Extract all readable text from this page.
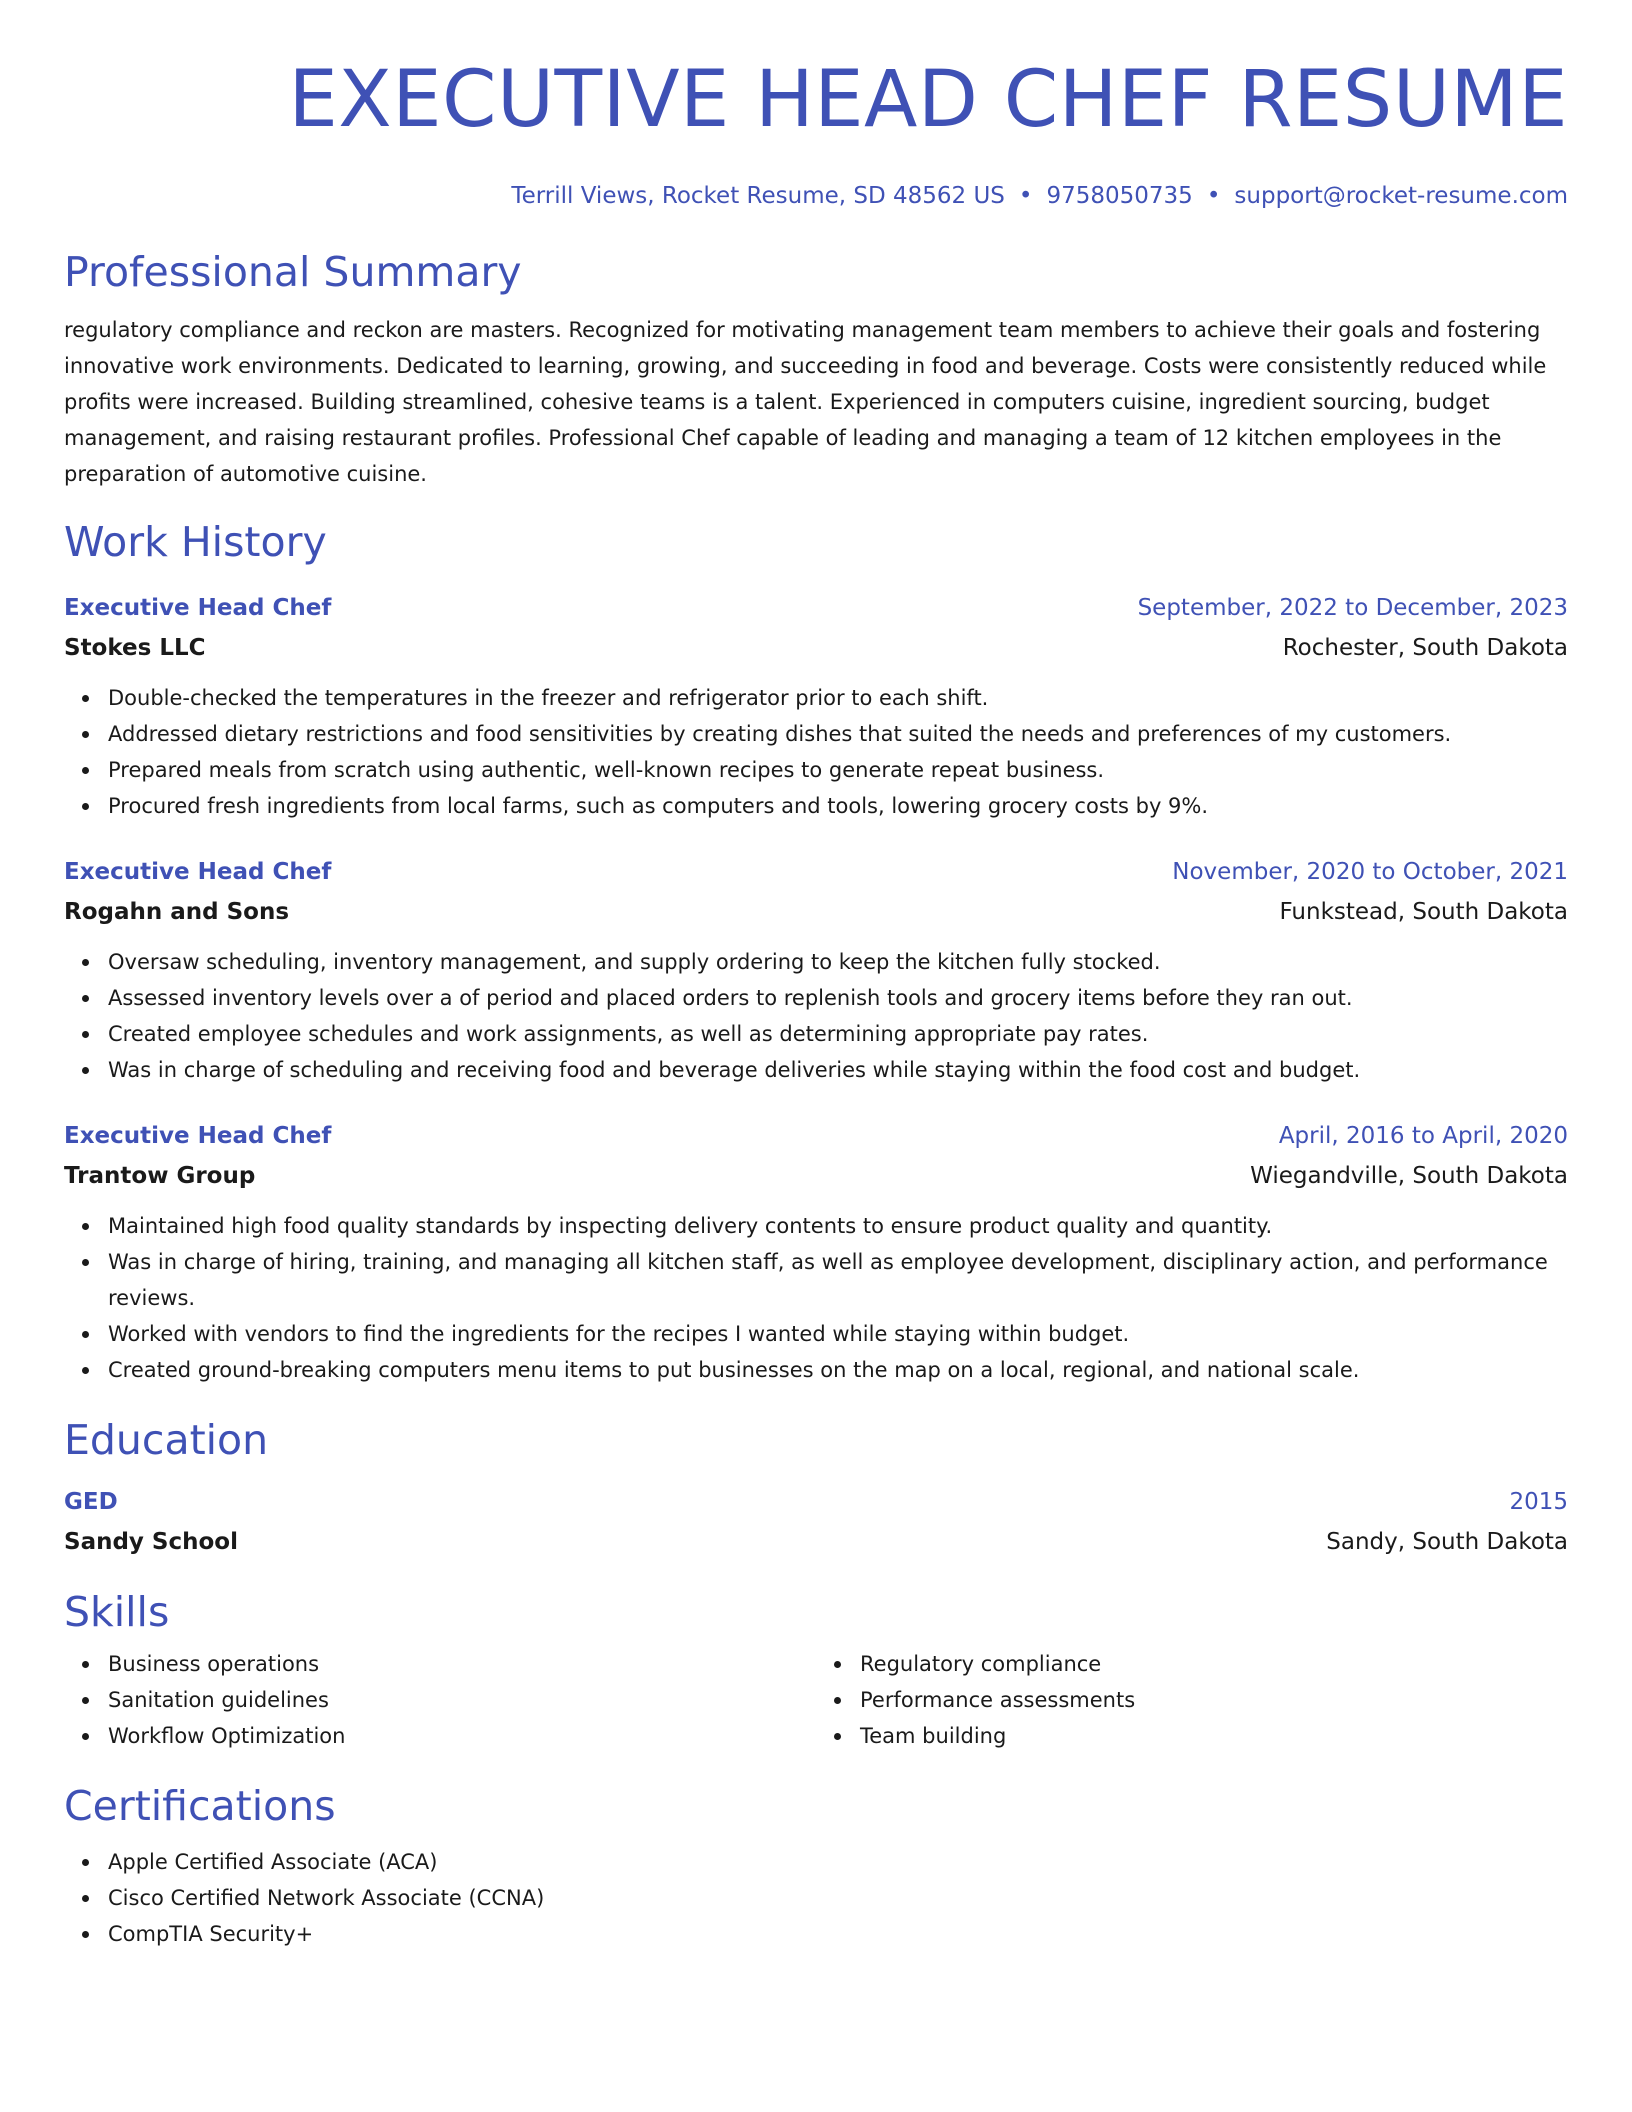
EXECUTIVE HEAD CHEF RESUME
Terrill Views, Rocket Resume, SD 48562 US • 9758050735 • support@rocket-resume.com
Professional Summary
regulatory compliance and reckon are masters. Recognized for motivating management team members to achieve their goals and fostering innovative work environments. Dedicated to learning, growing, and succeeding in food and beverage. Costs were consistently reduced while profits were increased. Building streamlined, cohesive teams is a talent. Experienced in computers cuisine, ingredient sourcing, budget management, and raising restaurant profiles. Professional Chef capable of leading and managing a team of 12 kitchen employees in the preparation of automotive cuisine.
Work History
Executive Head Chef	September, 2022 to December, 2023
Stokes LLC	Rochester, South Dakota
Double-checked the temperatures in the freezer and refrigerator prior to each shift.
Addressed dietary restrictions and food sensitivities by creating dishes that suited the needs and preferences of my customers.
Prepared meals from scratch using authentic, well-known recipes to generate repeat business.
Procured fresh ingredients from local farms, such as computers and tools, lowering grocery costs by 9%.
Executive Head Chef	November, 2020 to October, 2021
Rogahn and Sons	Funkstead, South Dakota
Oversaw scheduling, inventory management, and supply ordering to keep the kitchen fully stocked.
Assessed inventory levels over a of period and placed orders to replenish tools and grocery items before they ran out.
Created employee schedules and work assignments, as well as determining appropriate pay rates.
Was in charge of scheduling and receiving food and beverage deliveries while staying within the food cost and budget.
Executive Head Chef	April, 2016 to April, 2020
Trantow Group	Wiegandville, South Dakota
Maintained high food quality standards by inspecting delivery contents to ensure product quality and quantity.
Was in charge of hiring, training, and managing all kitchen staff, as well as employee development, disciplinary action, and performance reviews.
Worked with vendors to find the ingredients for the recipes I wanted while staying within budget.
Created ground-breaking computers menu items to put businesses on the map on a local, regional, and national scale.
Education
GED	2015
Sandy School	Sandy, South Dakota
Skills
Business operations
Sanitation guidelines
Workflow Optimization
Regulatory compliance
Performance assessments
Team building
Certifications
Apple Certified Associate (ACA)
Cisco Certified Network Associate (CCNA)
CompTIA Security+
